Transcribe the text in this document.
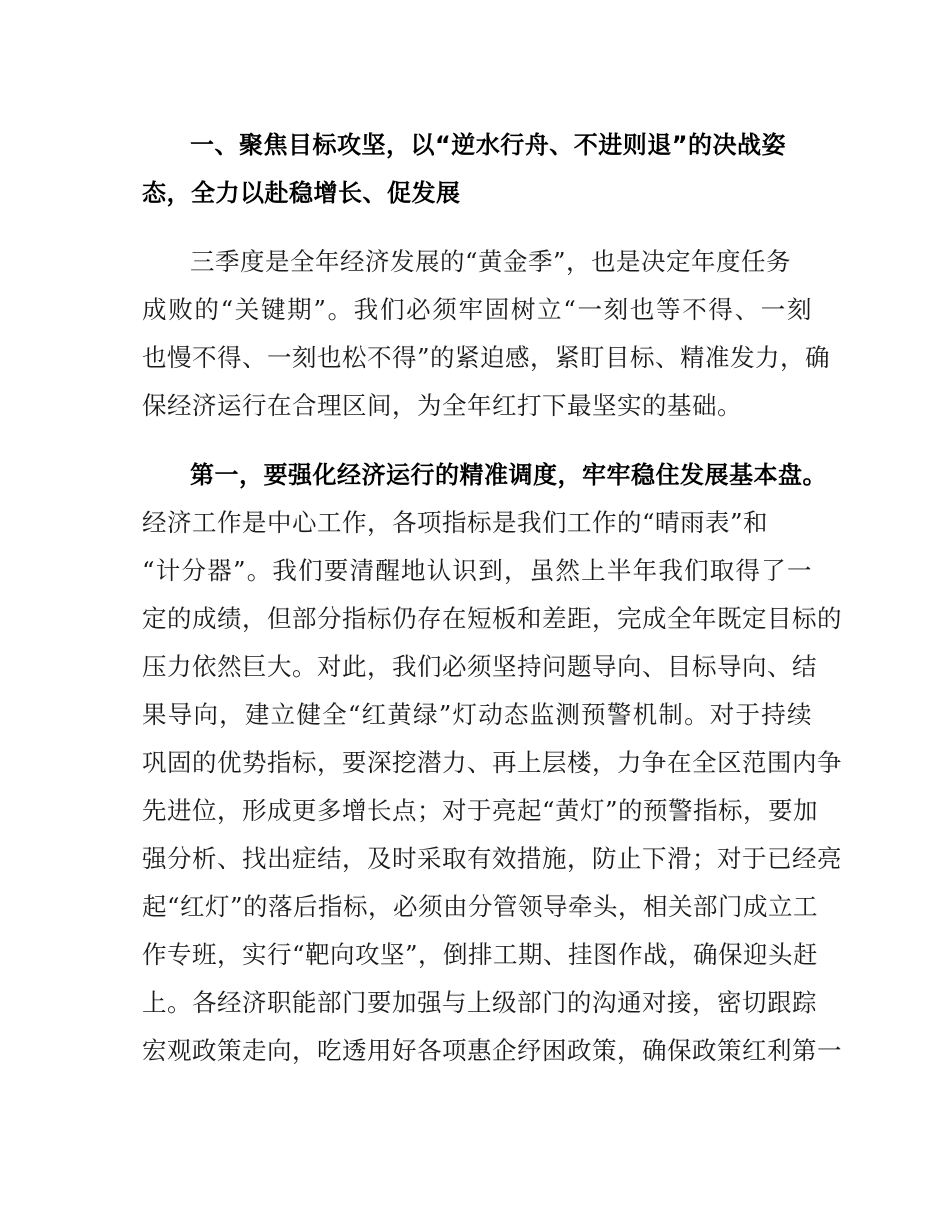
一、聚焦目标攻坚，以“逆水行舟、不进则退”的决战姿
态，全力以赴稳增长、促发展
三季度是全年经济发展的“黄金季”，也是决定年度任务
成败的“关键期”。我们必须牢固树立“一刻也等不得、一刻
也慢不得、一刻也松不得”的紧迫感，紧盯目标、精准发力，确
保经济运行在合理区间，为全年红打下最坚实的基础。
第一，要强化经济运行的精准调度，牢牢稳住发展基本盘。
经济工作是中心工作，各项指标是我们工作的“晴雨表”和
“计分器”。我们要清醒地认识到，虽然上半年我们取得了一
定的成绩，但部分指标仍存在短板和差距，完成全年既定目标的
压力依然巨大。对此，我们必须坚持问题导向、目标导向、结
果导向，建立健全“红黄绿”灯动态监测预警机制。对于持续
巩固的优势指标，要深挖潜力、再上层楼，力争在全区范围内争
先进位，形成更多增长点；对于亮起“黄灯”的预警指标，要加
强分析、找出症结，及时采取有效措施，防止下滑；对于已经亮
起“红灯”的落后指标，必须由分管领导牵头，相关部门成立工
作专班，实行“靶向攻坚”，倒排工期、挂图作战，确保迎头赶
上。各经济职能部门要加强与上级部门的沟通对接，密切跟踪
宏观政策走向，吃透用好各项惠企纾困政策，确保政策红利第一
